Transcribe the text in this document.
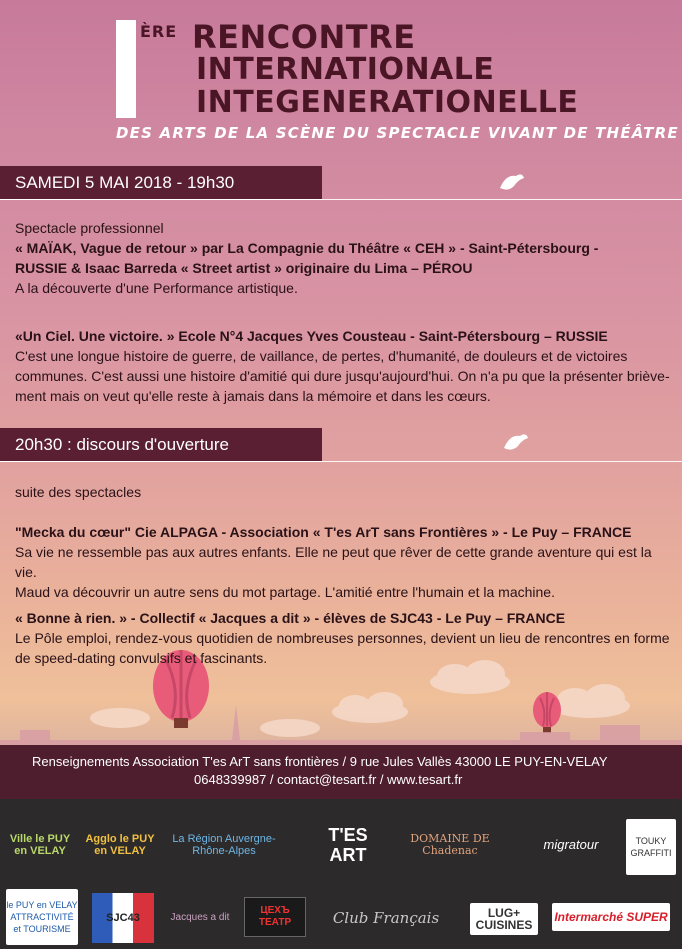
ÈRE RENCONTRE
INTERNATIONALE
INTEGENERATIONELLE
DES ARTS DE LA SCÈNE DU SPECTACLE VIVANT DE THÉÂTRE
SAMEDI 5 MAI 2018 - 19h30
Spectacle professionnel
« MAÏAK, Vague de retour » par La Compagnie du Théâtre « CEH » - Saint-Pétersbourg -
RUSSIE & Isaac Barreda « Street artist » originaire du Lima – PÉROU
A la découverte d'une Performance artistique.
«Un Ciel. Une victoire. » Ecole N°4 Jacques Yves Cousteau - Saint-Pétersbourg – RUSSIE
C'est une longue histoire de guerre, de vaillance, de pertes, d'humanité, de douleurs et de victoires
communes. C'est aussi une histoire d'amitié qui dure jusqu'aujourd'hui. On n'a pu que la présenter briève-
ment mais on veut qu'elle reste à jamais dans la mémoire et dans les cœurs.
20h30 : discours d'ouverture
suite des spectacles
"Mecka du cœur" Cie ALPAGA - Association « T'es ArT sans Frontières » - Le Puy – FRANCE
Sa vie ne ressemble pas aux autres enfants. Elle ne peut que rêver de cette grande aventure qui est la vie.
Maud va découvrir un autre sens du mot partage. L'amitié entre l'humain et la machine.
« Bonne à rien. » - Collectif « Jacques a dit » - élèves de SJC43 - Le Puy – FRANCE
Le Pôle emploi, rendez-vous quotidien de nombreuses personnes, devient un lieu de rencontres en forme
de speed-dating convulsifs et fascinants.
Renseignements Association T'es ArT sans frontières / 9 rue Jules Vallès 43000 LE PUY-EN-VELAY
0648339987 / contact@tesart.fr / www.tesart.fr
Ville le PUY en VELAY
Agglo le PUY en VELAY
La Région Auvergne-Rhône-Alpes
T'ES ART
DOMAINE DE Chadenac	migratour	TOUKY GRAFFITI
le PUY en VELAY ATTRACTIVITÉ et TOURISME
SJC43	Jacques a dit
ЦЕХЪ ТЕАТР	Club Français	LUG+ CUISINES
Intermarché SUPER
